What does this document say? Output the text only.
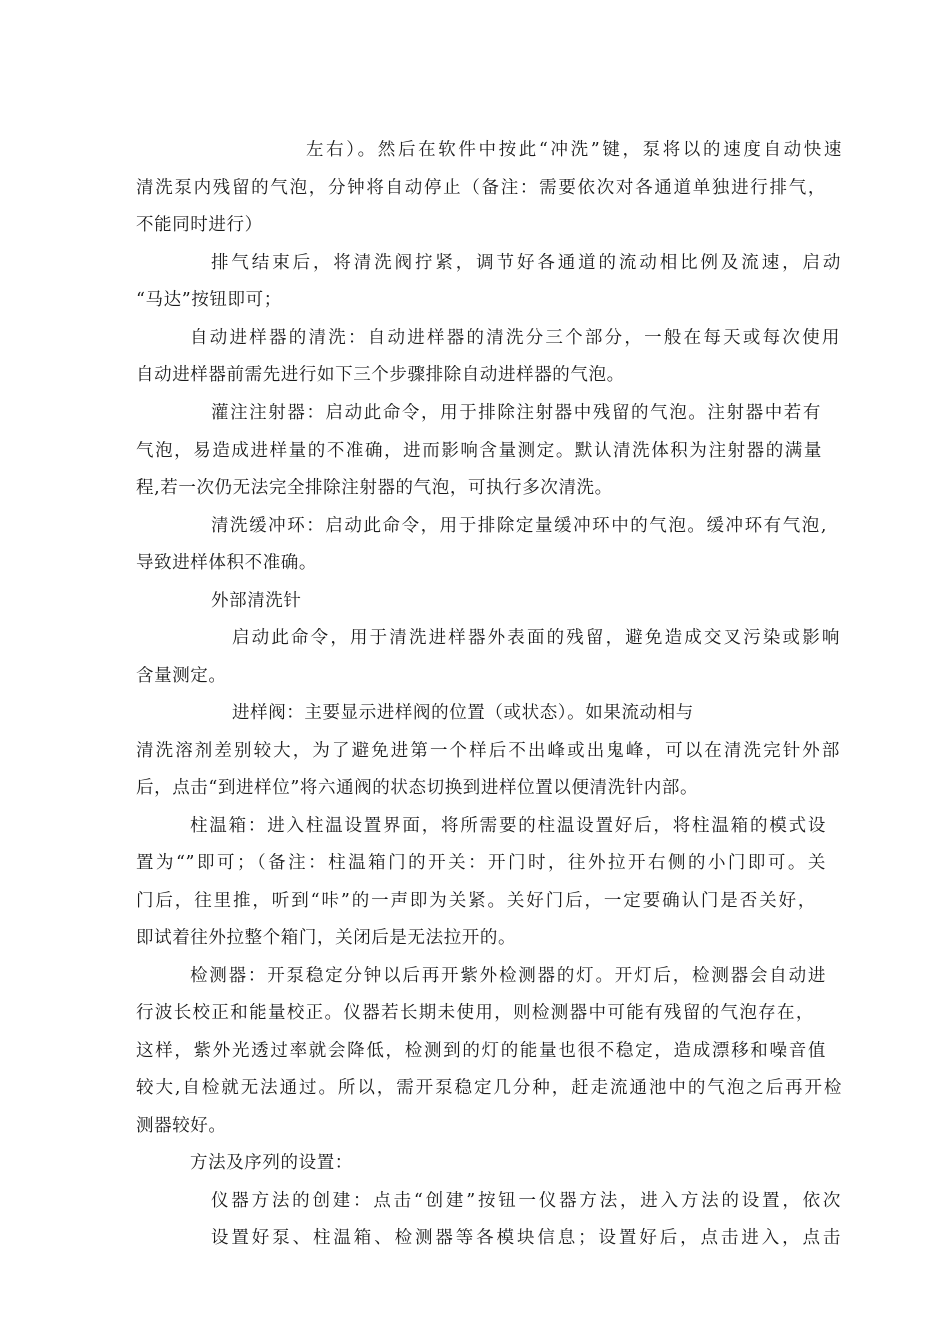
左右）。然后在软件中按此“冲洗”键，泵将以的速度自动快速
清洗泵内残留的气泡，分钟将自动停止（备注：需要依次对各通道单独进行排气，
不能同时进行）
排气结束后，将清洗阀拧紧，调节好各通道的流动相比例及流速，启动
“马达”按钮即可；
自动进样器的清洗：自动进样器的清洗分三个部分，一般在每天或每次使用
自动进样器前需先进行如下三个步骤排除自动进样器的气泡。
灌注注射器：启动此命令，用于排除注射器中残留的气泡。注射器中若有
气泡，易造成进样量的不准确，进而影响含量测定。默认清洗体积为注射器的满量
程,若一次仍无法完全排除注射器的气泡，可执行多次清洗。
清洗缓冲环：启动此命令，用于排除定量缓冲环中的气泡。缓冲环有气泡,
导致进样体积不准确。
外部清洗针
启动此命令，用于清洗进样器外表面的残留，避免造成交叉污染或影响
含量测定。
进样阀：主要显示进样阀的位置（或状态）。如果流动相与
清洗溶剂差别较大，为了避免进第一个样后不出峰或出鬼峰，可以在清洗完针外部
后，点击“到进样位”将六通阀的状态切换到进样位置以便清洗针内部。
柱温箱：进入柱温设置界面，将所需要的柱温设置好后，将柱温箱的模式设
置为“”即可；（备注：柱温箱门的开关：开门时，往外拉开右侧的小门即可。关
门后，往里推，听到“咔”的一声即为关紧。关好门后，一定要确认门是否关好，
即试着往外拉整个箱门，关闭后是无法拉开的。
检测器：开泵稳定分钟以后再开紫外检测器的灯。开灯后，检测器会自动进
行波长校正和能量校正。仪器若长期未使用，则检测器中可能有残留的气泡存在，
这样，紫外光透过率就会降低，检测到的灯的能量也很不稳定，造成漂移和噪音值
较大,自检就无法通过。所以，需开泵稳定几分种，赶走流通池中的气泡之后再开检
测器较好。
方法及序列的设置：
仪器方法的创建：点击“创建”按钮一仪器方法，进入方法的设置，依次
设置好泵、柱温箱、检测器等各模块信息；设置好后，点击进入，点击
